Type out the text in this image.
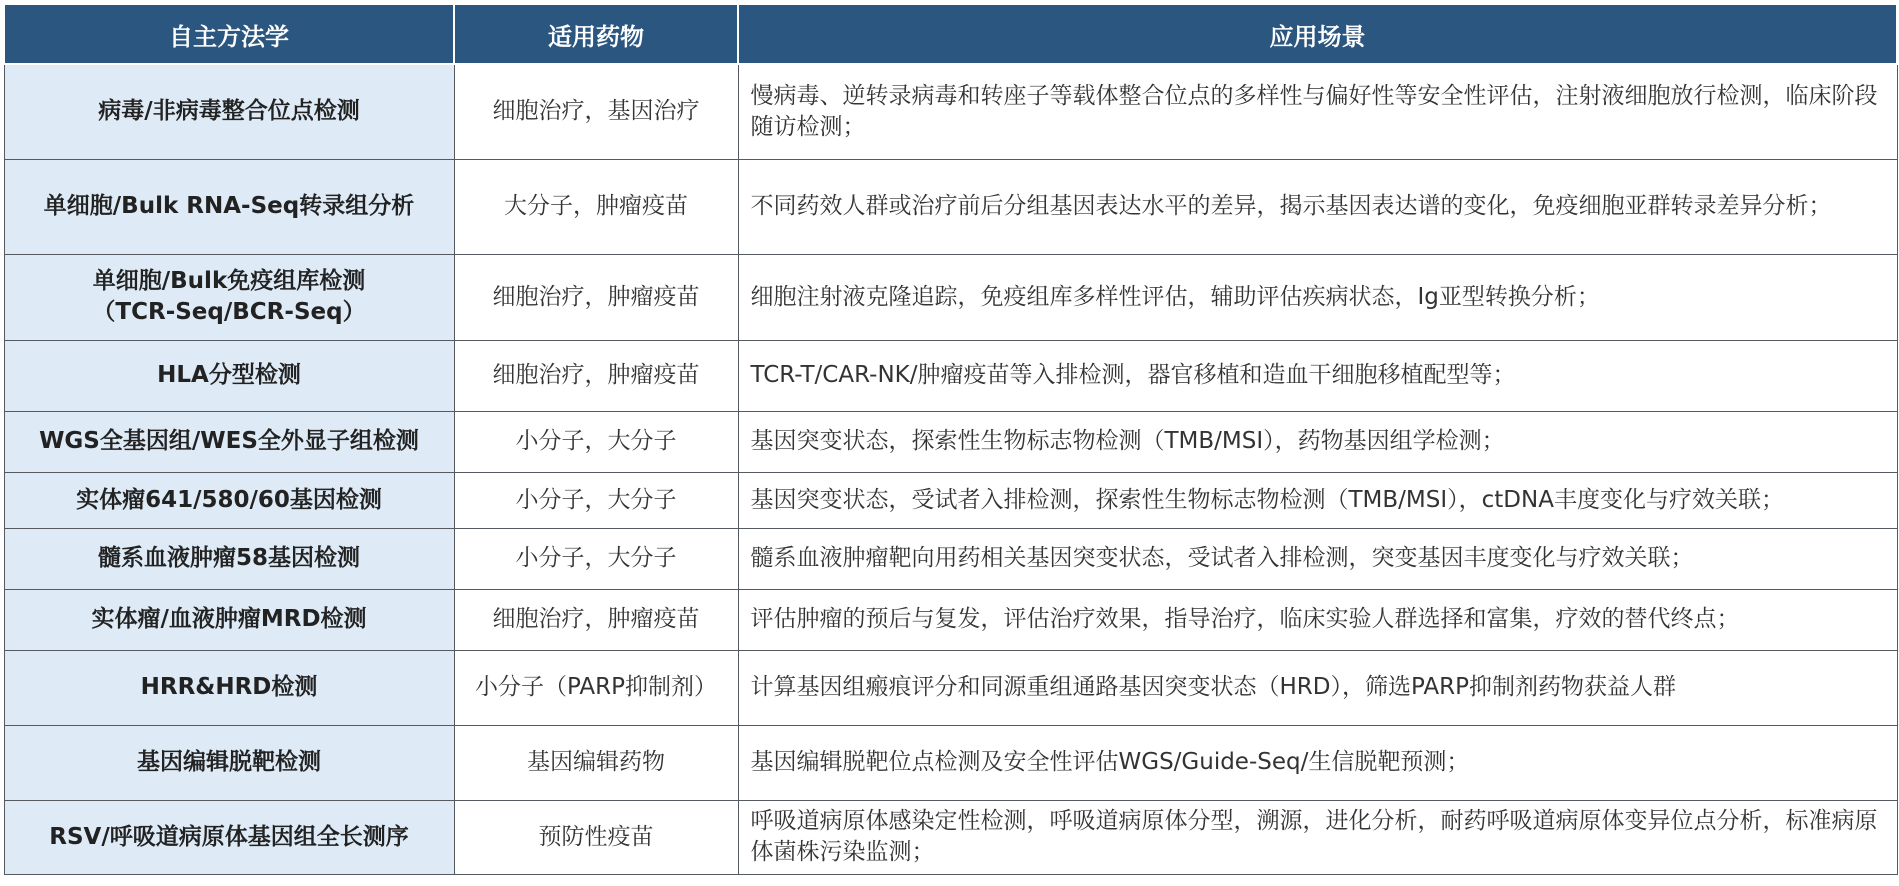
自主方法学	适用药物	应用场景

病毒/非病毒整合位点检测	细胞治疗，基因治疗	慢病毒、逆转录病毒和转座子等载体整合位点的多样性与偏好性等安全性评估，注射液细胞放行检测，临床阶段随访检测；

单细胞/Bulk RNA-Seq转录组分析	大分子，肿瘤疫苗	不同药效人群或治疗前后分组基因表达水平的差异，揭示基因表达谱的变化，免疫细胞亚群转录差异分析；

单细胞/Bulk免疫组库检测
（TCR-Seq/BCR-Seq）	细胞治疗，肿瘤疫苗	细胞注射液克隆追踪，免疫组库多样性评估，辅助评估疾病状态，Ig亚型转换分析；

HLA分型检测	细胞治疗，肿瘤疫苗	TCR-T/CAR-NK/肿瘤疫苗等入排检测，器官移植和造血干细胞移植配型等；

WGS全基因组/WES全外显子组检测	小分子，大分子	基因突变状态，探索性生物标志物检测（TMB/MSI），药物基因组学检测；

实体瘤641/580/60基因检测	小分子，大分子	基因突变状态，受试者入排检测，探索性生物标志物检测（TMB/MSI），ctDNA丰度变化与疗效关联；

髓系血液肿瘤58基因检测	小分子，大分子	髓系血液肿瘤靶向用药相关基因突变状态，受试者入排检测，突变基因丰度变化与疗效关联；

实体瘤/血液肿瘤MRD检测	细胞治疗，肿瘤疫苗	评估肿瘤的预后与复发，评估治疗效果，指导治疗，临床实验人群选择和富集，疗效的替代终点；

HRR&HRD检测	小分子（PARP抑制剂）	计算基因组瘢痕评分和同源重组通路基因突变状态（HRD），筛选PARP抑制剂药物获益人群

基因编辑脱靶检测	基因编辑药物	基因编辑脱靶位点检测及安全性评估WGS/Guide-Seq/生信脱靶预测；

RSV/呼吸道病原体基因组全长测序	预防性疫苗	呼吸道病原体感染定性检测，呼吸道病原体分型，溯源，进化分析，耐药呼吸道病原体变异位点分析，标准病原体菌株污染监测；
